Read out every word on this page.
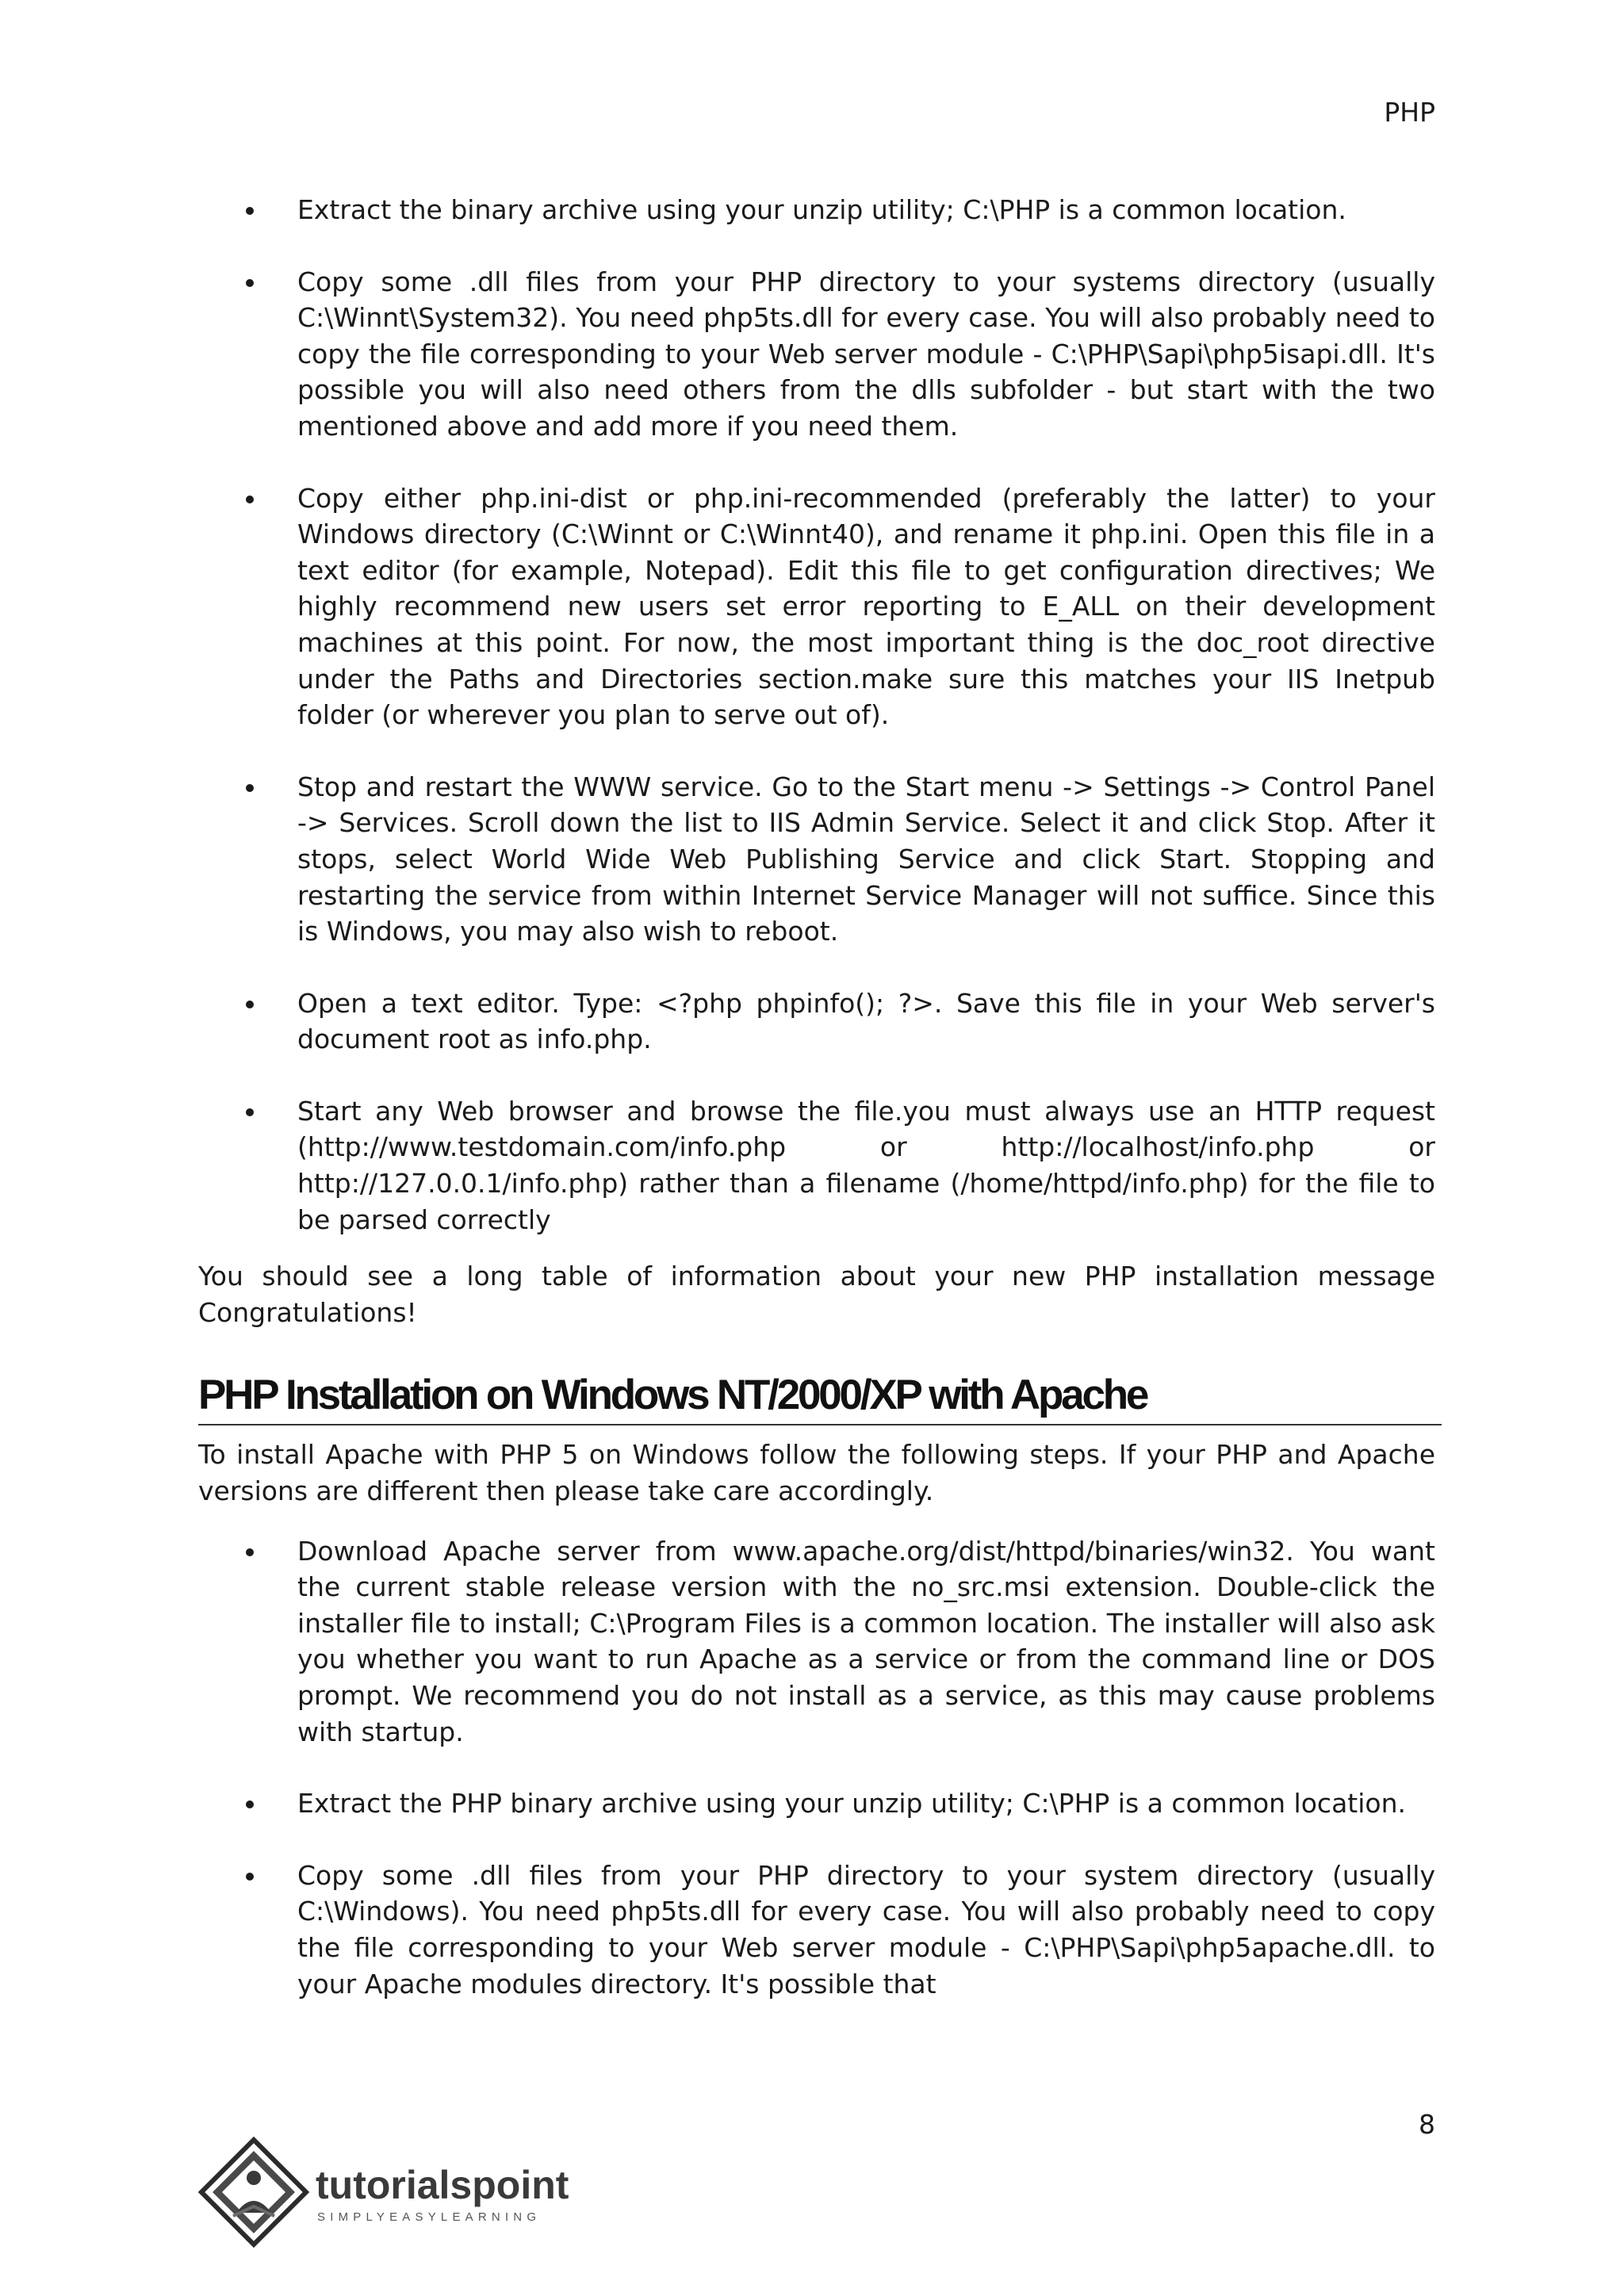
PHP
Extract the binary archive using your unzip utility; C:\PHP is a common location.
Copy some .dll files from your PHP directory to your systems directory (usually C:\Winnt\System32). You need php5ts.dll for every case. You will also probably need to copy the file corresponding to your Web server module - C:\PHP\Sapi\php5isapi.dll. It's possible you will also need others from the dlls subfolder - but start with the two mentioned above and add more if you need them.
Copy either php.ini-dist or php.ini-recommended (preferably the latter) to your Windows directory (C:\Winnt or C:\Winnt40), and rename it php.ini. Open this file in a text editor (for example, Notepad). Edit this file to get configuration directives; We highly recommend new users set error reporting to E_ALL on their development machines at this point. For now, the most important thing is the doc_root directive under the Paths and Directories section.make sure this matches your IIS Inetpub folder (or wherever you plan to serve out of).
Stop and restart the WWW service. Go to the Start menu -> Settings -> Control Panel -> Services. Scroll down the list to IIS Admin Service. Select it and click Stop. After it stops, select World Wide Web Publishing Service and click Start. Stopping and restarting the service from within Internet Service Manager will not suffice. Since this is Windows, you may also wish to reboot.
Open a text editor. Type: <?php phpinfo(); ?>. Save this file in your Web server's document root as info.php.
Start any Web browser and browse the file.you must always use an HTTP request (http://www.testdomain.com/info.php or http://localhost/info.php or http://127.0.0.1/info.php) rather than a filename (/home/httpd/info.php) for the file to be parsed correctly

You should see a long table of information about your new PHP installation message Congratulations!

PHP Installation on Windows NT/2000/XP with Apache

To install Apache with PHP 5 on Windows follow the following steps. If your PHP and Apache versions are different then please take care accordingly.

Download Apache server from www.apache.org/dist/httpd/binaries/win32. You want the current stable release version with the no_src.msi extension. Double-click the installer file to install; C:\Program Files is a common location. The installer will also ask you whether you want to run Apache as a service or from the command line or DOS prompt. We recommend you do not install as a service, as this may cause problems with startup.
Extract the PHP binary archive using your unzip utility; C:\PHP is a common location.
Copy some .dll files from your PHP directory to your system directory (usually C:\Windows). You need php5ts.dll for every case. You will also probably need to copy the file corresponding to your Web server module - C:\PHP\Sapi\php5apache.dll. to your Apache modules directory. It's possible that
8
tutorialspoint
SIMPLYEASYLEARNING
